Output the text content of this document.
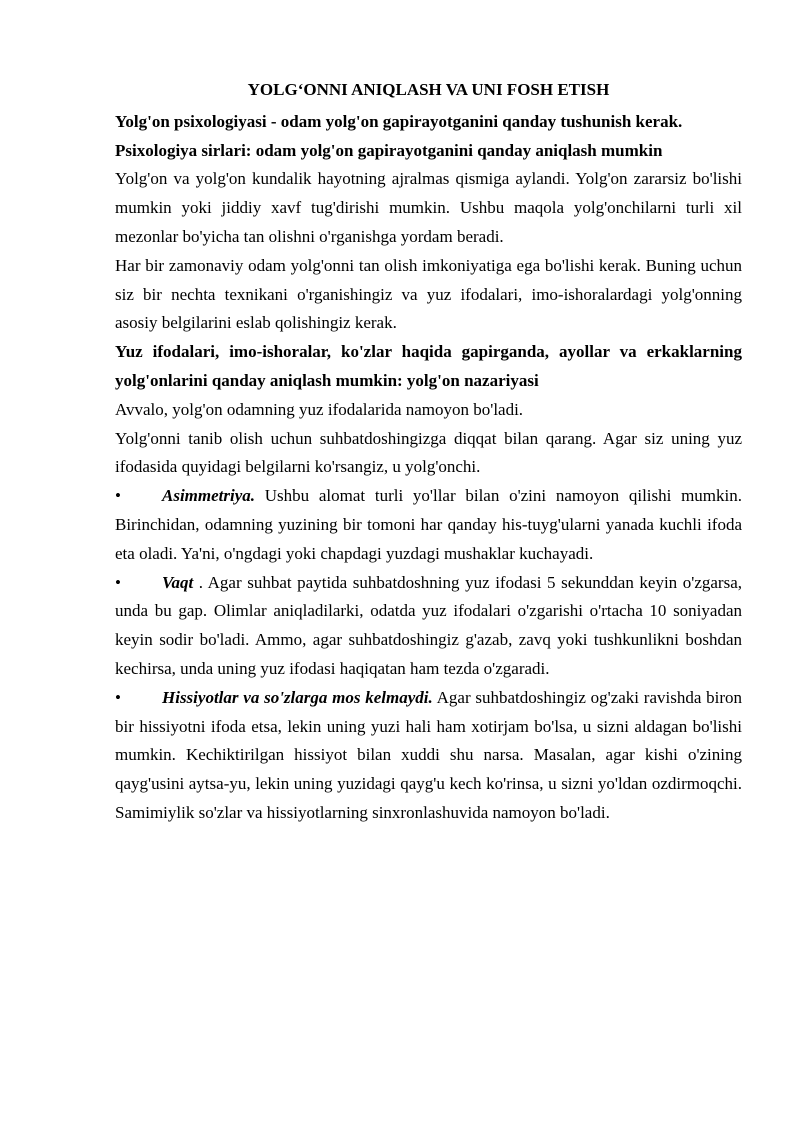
YOLG‘ONNI ANIQLASH VA UNI FOSH ETISH

Yolg'on psixologiyasi - odam yolg'on gapirayotganini qanday tushunish kerak.

Psixologiya sirlari: odam yolg'on gapirayotganini qanday aniqlash mumkin

Yolg'on va yolg'on kundalik hayotning ajralmas qismiga aylandi. Yolg'on zararsiz bo'lishi mumkin yoki jiddiy xavf tug'dirishi mumkin. Ushbu maqola yolg'onchilarni turli xil mezonlar bo'yicha tan olishni o'rganishga yordam beradi.

Har bir zamonaviy odam yolg'onni tan olish imkoniyatiga ega bo'lishi kerak. Buning uchun siz bir nechta texnikani o'rganishingiz va yuz ifodalari, imo-ishoralardagi yolg'onning asosiy belgilarini eslab qolishingiz kerak.

Yuz ifodalari, imo-ishoralar, ko'zlar haqida gapirganda, ayollar va erkaklarning yolg'onlarini qanday aniqlash mumkin: yolg'on nazariyasi

Avvalo, yolg'on odamning yuz ifodalarida namoyon bo'ladi.

Yolg'onni tanib olish uchun suhbatdoshingizga diqqat bilan qarang. Agar siz uning yuz ifodasida quyidagi belgilarni ko'rsangiz, u yolg'onchi.

• Asimmetriya. Ushbu alomat turli yo'llar bilan o'zini namoyon qilishi mumkin. Birinchidan, odamning yuzining bir tomoni har qanday his-tuyg'ularni yanada kuchli ifoda eta oladi. Ya'ni, o'ngdagi yoki chapdagi yuzdagi mushaklar kuchayadi.

• Vaqt . Agar suhbat paytida suhbatdoshning yuz ifodasi 5 sekunddan keyin o'zgarsa, unda bu gap. Olimlar aniqladilarki, odatda yuz ifodalari o'zgarishi o'rtacha 10 soniyadan keyin sodir bo'ladi. Ammo, agar suhbatdoshingiz g'azab, zavq yoki tushkunlikni boshdan kechirsa, unda uning yuz ifodasi haqiqatan ham tezda o'zgaradi.

• Hissiyotlar va so'zlarga mos kelmaydi. Agar suhbatdoshingiz og'zaki ravishda biron bir hissiyotni ifoda etsa, lekin uning yuzi hali ham xotirjam bo'lsa, u sizni aldagan bo'lishi mumkin. Kechiktirilgan hissiyot bilan xuddi shu narsa. Masalan, agar kishi o'zining qayg'usini aytsa-yu, lekin uning yuzidagi qayg'u kech ko'rinsa, u sizni yo'ldan ozdirmoqchi. Samimiylik so'zlar va hissiyotlarning sinxronlashuvida namoyon bo'ladi.
